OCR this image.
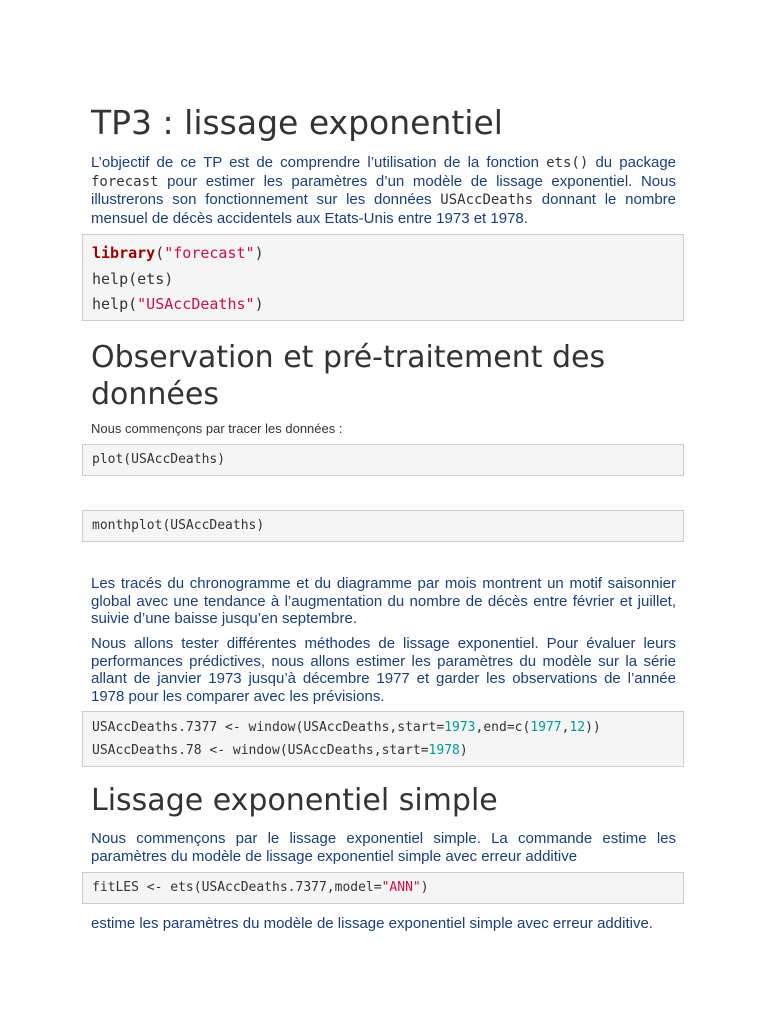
TP3 : lissage exponentiel

L’objectif de ce TP est de comprendre l’utilisation de la fonction ets() du package forecast pour estimer les paramètres d’un modèle de lissage exponentiel. Nous illustrerons son fonctionnement sur les données USAccDeaths donnant le nombre mensuel de décès accidentels aux Etats-Unis entre 1973 et 1978.

Observation et pré-traitement des données

Nous commençons par tracer les données :

Les tracés du chronogramme et du diagramme par mois montrent un motif saisonnier global avec une tendance à l’augmentation du nombre de décès entre février et juillet, suivie d’une baisse jusqu’en septembre.

Nous allons tester différentes méthodes de lissage exponentiel. Pour évaluer leurs performances prédictives, nous allons estimer les paramètres du modèle sur la série allant de janvier 1973 jusqu’à décembre 1977 et garder les observations de l’année 1978 pour les comparer avec les prévisions.

Lissage exponentiel simple

Nous commençons par le lissage exponentiel simple. La commande estime les paramètres du modèle de lissage exponentiel simple avec erreur additive

estime les paramètres du modèle de lissage exponentiel simple avec erreur additive.

library("forecast")
help(ets)
help("USAccDeaths")
plot(USAccDeaths)
monthplot(USAccDeaths)
USAccDeaths.7377 <- window(USAccDeaths,start=1973,end=c(1977,12))
USAccDeaths.78 <- window(USAccDeaths,start=1978)
fitLES <- ets(USAccDeaths.7377,model="ANN")
